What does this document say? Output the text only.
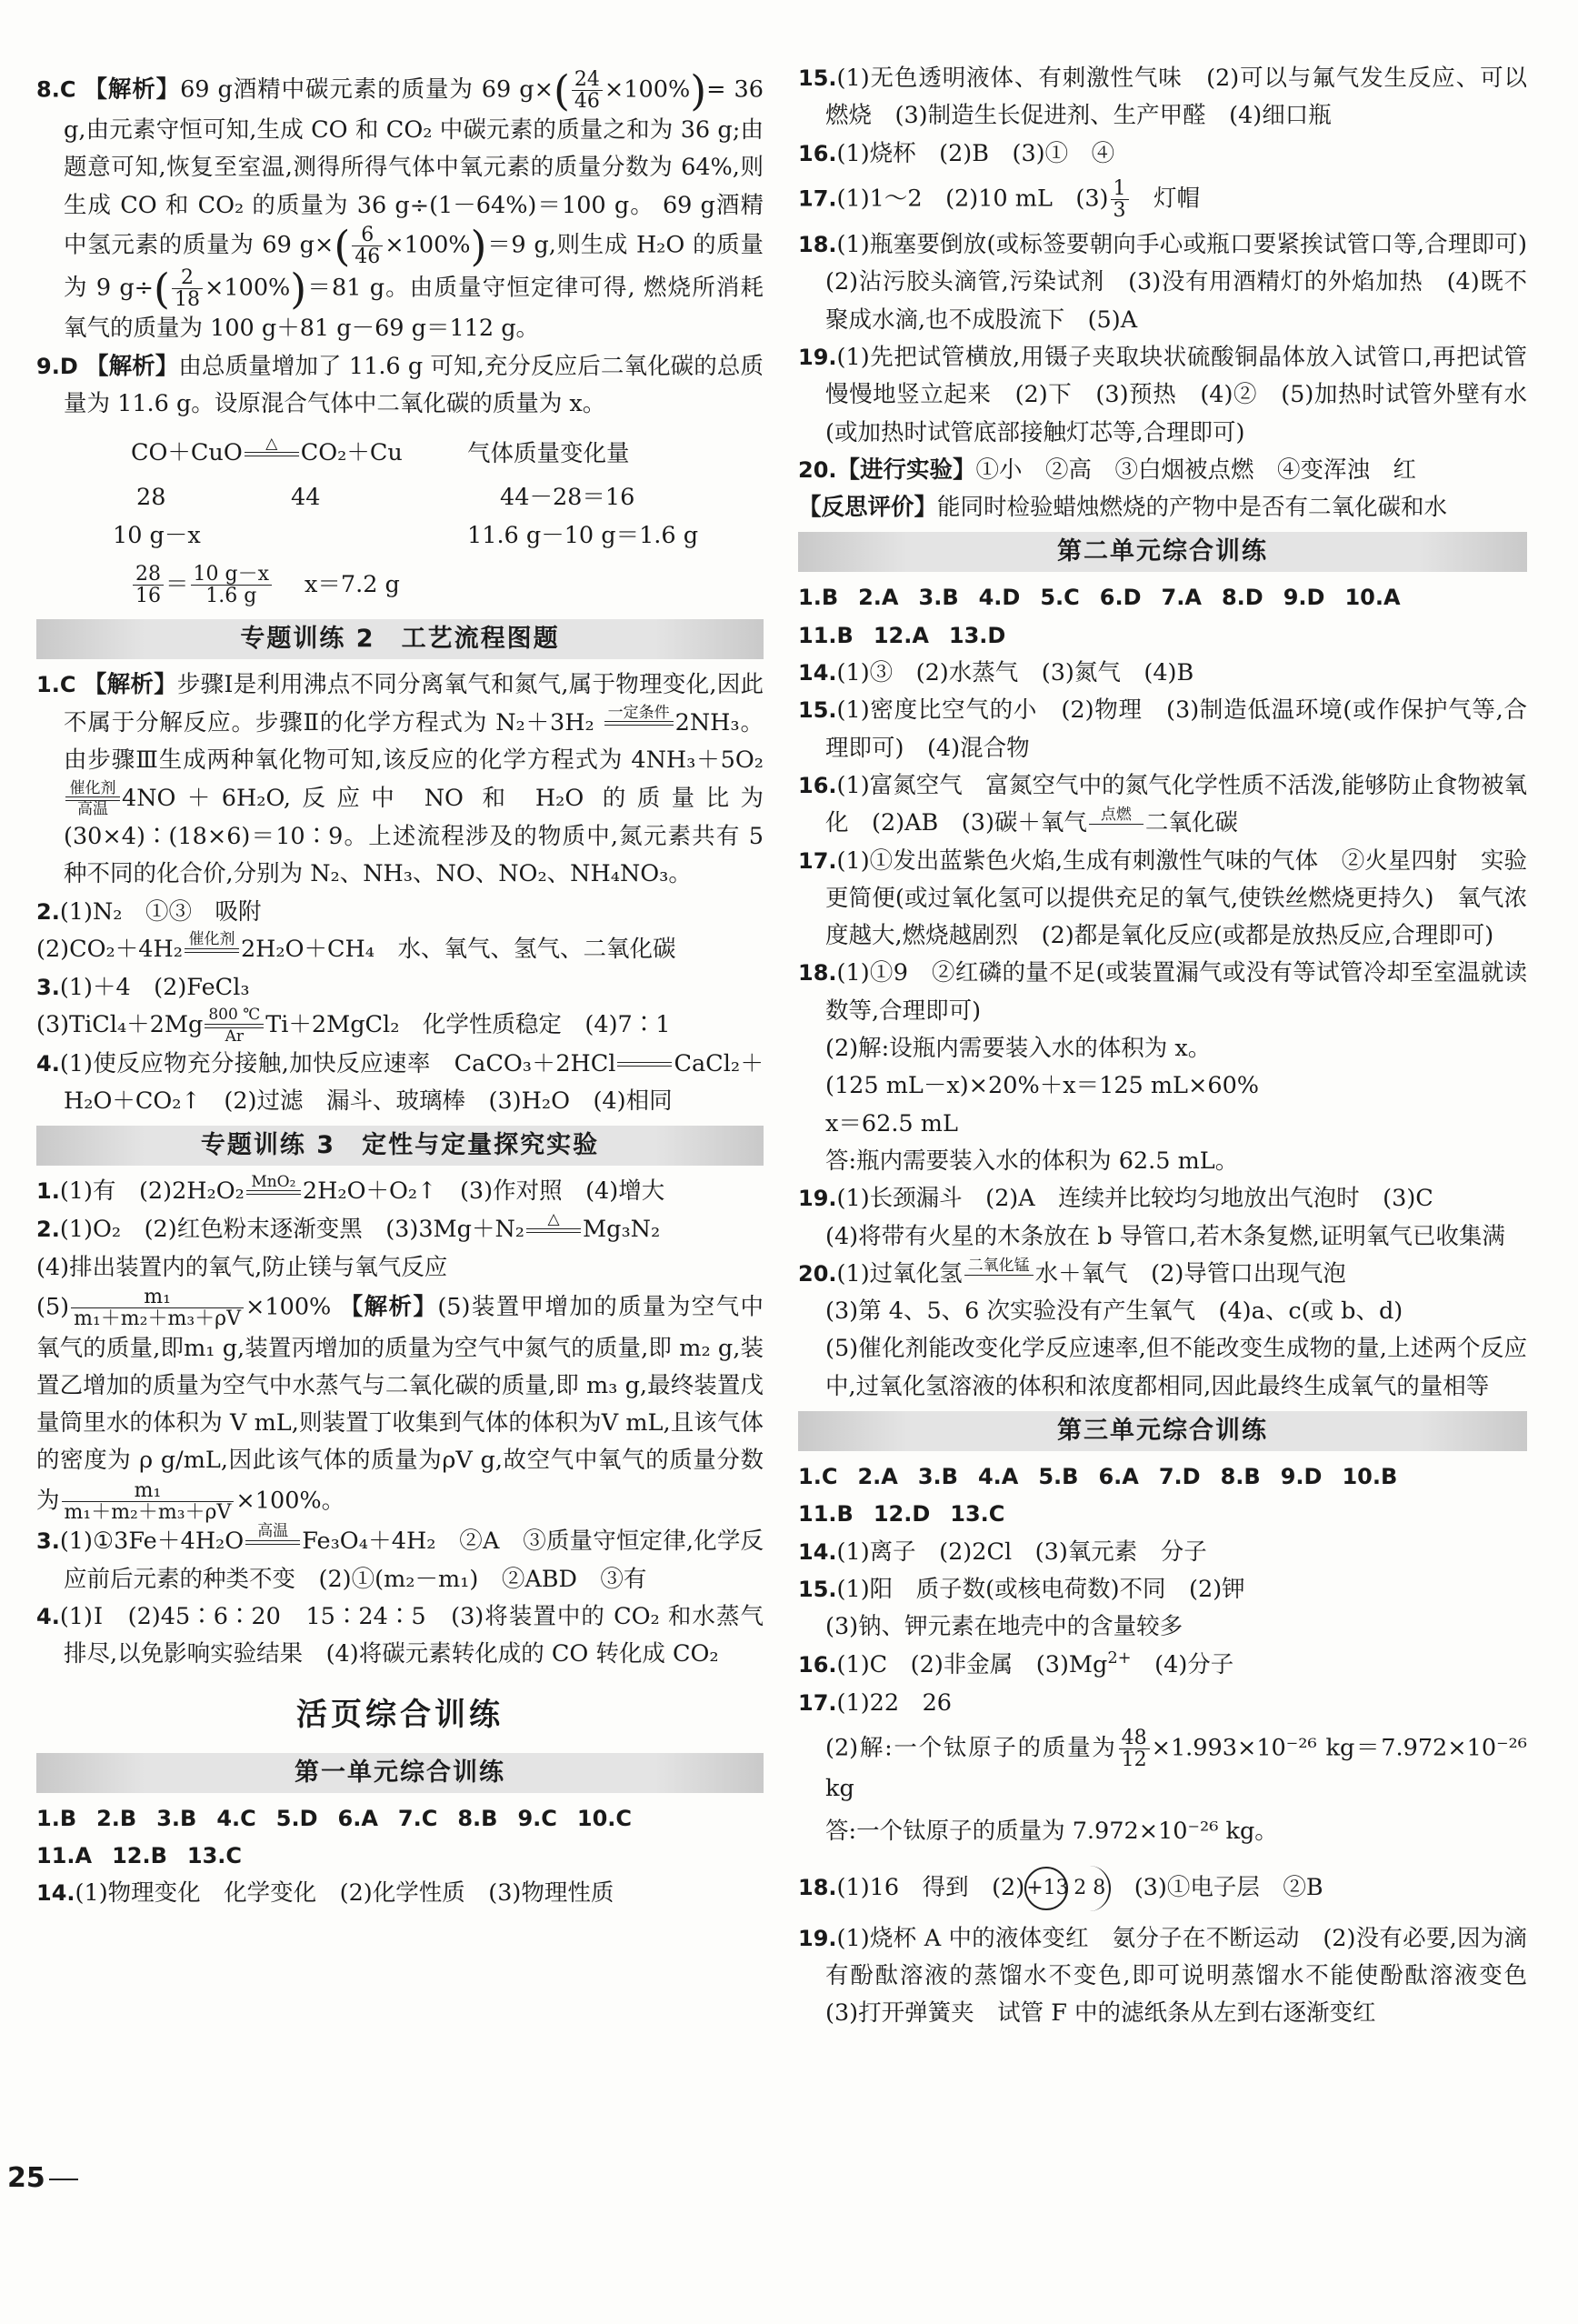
8.C 【解析】69 g酒精中碳元素的质量为 69 $g\times( \frac{24}{46} \times 100\%)= 36$ g,由元素守恒可知,生成 CO 和 CO₂ 中碳元素的质量之和为 36 g;由题意可知,恢复至室温,测得所得气体中氧元素的质量分数为 64%,则生成 CO 和 CO₂ 的质量为 36 g÷(1－64%)＝100 g。 69 g酒精中氢元素的质量为 69 $g\times( \frac{6}{46} \times 100\%)=9$ g,则生成 H₂O 的质量为 9 $g\div( \frac{2}{18} \times 100\%)=81$ g。由质量守恒定律可得, 燃烧所消耗氧气的质量为 100 g＋81 g－69 g＝112 g。
9.D 【解析】由总质量增加了 11.6 g 可知,充分反应后二氧化碳的总质量为 11.6 g。设原混合气体中二氧化碳的质量为 x。
CO＋CuO △ CO₂＋Cu	气体质量变化量
28	44	44－28＝16
10 g－x	11.6 g－10 g＝1.6 g
$\frac{28}{16} = \frac{10 g-x}{1.6 g} x=7.2$ g
专题训练 2　工艺流程图题
1.C 【解析】步骤Ⅰ是利用沸点不同分离氧气和氮气,属于物理变化,因此不属于分解反应。步骤Ⅱ的化学方程式为 N₂＋3H₂ 一定条件 2NH₃。由步骤Ⅲ生成两种氧化物可知,该反应的化学方程式为 4NH₃＋5O₂
催化剂
高温 4NO＋6H₂O,反应中 NO 和 H₂O 的质量比为(30×4)∶(18×6)＝10∶9。上述流程涉及的物质中,氮元素共有 5 种不同的化合价,分别为 N₂、NH₃、NO、NO₂、NH₄NO₃。
2.(1)N₂　①③　吸附
(2)CO₂＋4H₂ 催化剂 2H₂O＋CH₄　水、氧气、氢气、二氧化碳
3.(1)＋4　(2)FeCl₃
(3)TiCl₄＋2Mg 800 ℃
Ar Ti＋2MgCl₂　化学性质稳定　(4)7∶1
4.(1)使反应物充分接触,加快反应速率　CaCO₃＋2HCl	CaCl₂＋H₂O＋CO₂↑　(2)过滤　漏斗、玻璃棒　(3)H₂O　(4)相同
专题训练 3　定性与定量探究实验
1.(1)有　(2)2H₂O₂ MnO₂ 2H₂O＋O₂↑　(3)作对照　(4)增大
2.(1)O₂　(2)红色粉末逐渐变黑　(3)3Mg＋N₂ △ Mg₃N₂
(4)排出装置内的氧气,防止镁与氧气反应
$(5) \frac{\text{m₁}}{\text{m₁＋m₂＋m₃＋ρV}} \times 100\%$ 【解析】(5)装置甲增加的质量为空气中氧气的质量,即m₁ g,装置丙增加的质量为空气中氮气的质量,即 m₂ g,装置乙增加的质量为空气中水蒸气与二氧化碳的质量,即 m₃ g,最终装置戊量筒里水的体积为 V mL,则装置丁收集到气体的体积为V mL,且该气体的密度为 ρ g/mL,因此该气体的质量为ρV g,故空气中氧气的质量分数为 $\frac{\text{m₁}}{\text{m₁＋m₂＋m₃＋ρV}} \times 100\%$。
3.(1)①3Fe＋4H₂O 高温 Fe₃O₄＋4H₂　②A　③质量守恒定律,化学反应前后元素的种类不变　(2)①(m₂－m₁)　②ABD　③有
4.(1)Ⅰ　(2)45∶6∶20　15∶24∶5　(3)将装置中的 CO₂ 和水蒸气排尽,以免影响实验结果　(4)将碳元素转化成的 CO 转化成 CO₂
活页综合训练
第一单元综合训练
1.B 2.B 3.B 4.C 5.D 6.A 7.C 8.B 9.C 10.C
11.A 12.B 13.C
14.(1)物理变化　化学变化　(2)化学性质　(3)物理性质
15.(1)无色透明液体、有刺激性气味　(2)可以与氟气发生反应、可以燃烧　(3)制造生长促进剂、生产甲醛　(4)细口瓶
16.(1)烧杯　(2)B　(3)①　④
17.(1)1～2　(2)10 mL　$(3) \frac{1}{3}$ 　灯帽
18.(1)瓶塞要倒放(或标签要朝向手心或瓶口要紧挨试管口等,合理即可)　(2)沾污胶头滴管,污染试剂　(3)没有用酒精灯的外焰加热　(4)既不聚成水滴,也不成股流下　(5)A
19.(1)先把试管横放,用镊子夹取块状硫酸铜晶体放入试管口,再把试管慢慢地竖立起来　(2)下　(3)预热　(4)②　(5)加热时试管外壁有水(或加热时试管底部接触灯芯等,合理即可)
20.【进行实验】①小　②高　③白烟被点燃　④变浑浊　红
【反思评价】能同时检验蜡烛燃烧的产物中是否有二氧化碳和水
第二单元综合训练
1.B 2.A 3.B 4.D 5.C 6.D 7.A 8.D 9.D 10.A
11.B 12.A 13.D
14.(1)③　(2)水蒸气　(3)氮气　(4)B
15.(1)密度比空气的小　(2)物理　(3)制造低温环境(或作保护气等,合理即可)　(4)混合物
16.(1)富氮空气　富氮空气中的氮气化学性质不活泼,能够防止食物被氧化　(2)AB　(3)碳＋氧气 点燃 二氧化碳
17.(1)①发出蓝紫色火焰,生成有刺激性气味的气体　②火星四射　实验更简便(或过氧化氢可以提供充足的氧气,使铁丝燃烧更持久)　氧气浓度越大,燃烧越剧烈　(2)都是氧化反应(或都是放热反应,合理即可)
18.(1)①9　②红磷的量不足(或装置漏气或没有等试管冷却至室温就读数等,合理即可)
(2)解:设瓶内需要装入水的体积为 x。
(125 mL－x)×20%＋x＝125 mL×60%
x＝62.5 mL
答:瓶内需要装入水的体积为 62.5 mL。
19.(1)长颈漏斗　(2)A　连续并比较均匀地放出气泡时　(3)C
(4)将带有火星的木条放在 b 导管口,若木条复燃,证明氧气已收集满
20.(1)过氧化氢 二氧化锰 水＋氧气　(2)导管口出现气泡
(3)第 4、5、6 次实验没有产生氧气　(4)a、c(或 b、d)
(5)催化剂能改变化学反应速率,但不能改变生成物的量,上述两个反应中,过氧化氢溶液的体积和浓度都相同,因此最终生成氧气的量相等
第三单元综合训练
1.C 2.A 3.B 4.A 5.B 6.A 7.D 8.B 9.D 10.B
11.B 12.D 13.C
14.(1)离子　(2)2Cl　(3)氧元素　分子
15.(1)阳　质子数(或核电荷数)不同　(2)钾
(3)钠、钾元素在地壳中的含量较多
16.(1)C　(2)非金属　$(3)Mg^{2+}$　(4)分子
17.(1)22　26
(2)解:一个钛原子的质量为 $\frac{48}{12} \times 1.993\times 10^{-26}$ kg＝7.972×10⁻²⁶ kg
答:一个钛原子的质量为 7.972×10⁻²⁶ kg。
18.(1)16　得到　(2) +13 2 8 　(3)①电子层　②B
19.(1)烧杯 A 中的液体变红　氨分子在不断运动　(2)没有必要,因为滴有酚酞溶液的蒸馏水不变色,即可说明蒸馏水不能使酚酞溶液变色　(3)打开弹簧夹　试管 F 中的滤纸条从左到右逐渐变红
25
